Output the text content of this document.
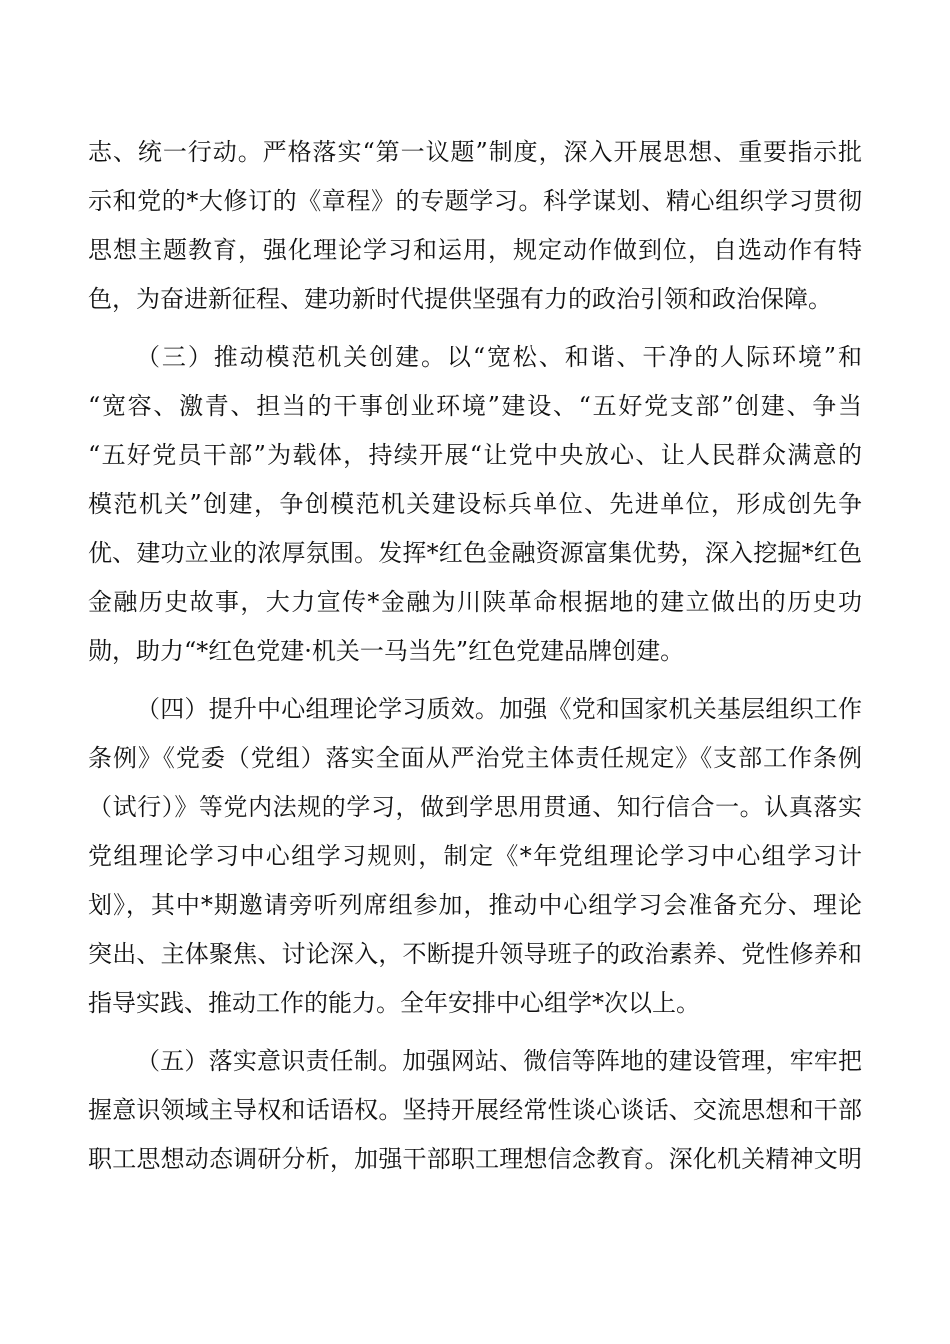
志、统一行动。严格落实“第一议题”制度，深入开展思想、重要指示批
示和党的*大修订的《章程》的专题学习。科学谋划、精心组织学习贯彻
思想主题教育，强化理论学习和运用，规定动作做到位，自选动作有特
色，为奋进新征程、建功新时代提供坚强有力的政治引领和政治保障。
（三）推动模范机关创建。以“宽松、和谐、干净的人际环境”和
“宽容、激青、担当的干事创业环境”建设、“五好党支部”创建、争当
“五好党员干部”为载体，持续开展“让党中央放心、让人民群众满意的
模范机关”创建，争创模范机关建设标兵单位、先进单位，形成创先争
优、建功立业的浓厚氛围。发挥*红色金融资源富集优势，深入挖掘*红色
金融历史故事，大力宣传*金融为川陕革命根据地的建立做出的历史功
勋，助力“*红色党建·机关一马当先”红色党建品牌创建。
（四）提升中心组理论学习质效。加强《党和国家机关基层组织工作
条例》《党委（党组）落实全面从严治党主体责任规定》《支部工作条例
（试行）》等党内法规的学习，做到学思用贯通、知行信合一。认真落实
党组理论学习中心组学习规则，制定《*年党组理论学习中心组学习计
划》，其中*期邀请旁听列席组参加，推动中心组学习会准备充分、理论
突出、主体聚焦、讨论深入，不断提升领导班子的政治素养、党性修养和
指导实践、推动工作的能力。全年安排中心组学*次以上。
（五）落实意识责任制。加强网站、微信等阵地的建设管理，牢牢把
握意识领域主导权和话语权。坚持开展经常性谈心谈话、交流思想和干部
职工思想动态调研分析，加强干部职工理想信念教育。深化机关精神文明
